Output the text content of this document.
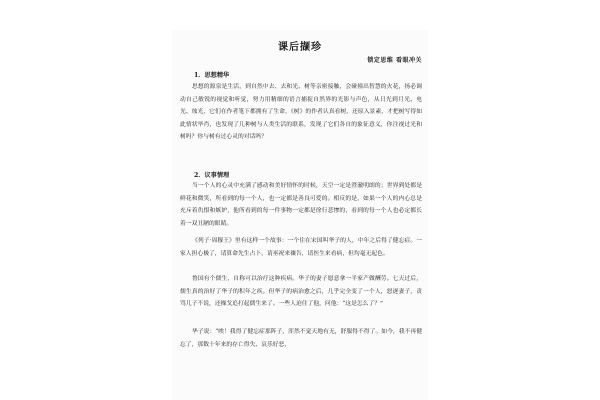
课后撷珍
锁定思维 看眼冲关
1．思想精华

思想的源泉是生活，到自然中去、去和光、树等亲密接触，会碰撞出智慧的火花，扬必调动自己敏锐的视觉和听觉，努力用精细的语言捕捉自然界的光影与声色，从日光到月光、电光、烛光，它们在作者笔下都拥有了生命，《树》的作者认真看树，还原入景素，才把树写得如此情状毕肖，也发现了几种树与人类生活的联系，发现了它们各自的象征意义，你注视过光和树吗？你与树有过心灵的对话吗？

2．议事情理

当一个人的心灵中充满了感动和美好情怀的时候，天空一定是澄澈明朗的；世界到处都是鲜花和微笑，所看到的每一个人，也一定都是善良可爱的。相反的是，如果一个人的内心总是充斥着仇恨和嫉妒，他所看到的每一件事物一定都是徐行悲惨的，看到的每一个人也必定都长着一双丑陋的眼睛。

《列子·周穆王》里有这样一个故事：一个住在宋国叫华子的人，中年之后得了健忘症。一家人担心极了，请算命先生占卜，请巫祝来禳告，请医生来看病，但均毫无起色。

鲁国有个儒生，自称可以治疗这种疾病。华子的妻子愿意拿一半家产做酬劳。七天过后，儒生真的治好了华子的积年之疾。但华子的病治愈之后，几乎完全变了一个人，怒逐妻子，责骂儿子不说，还操戈追打起儒生来了。一些人迫住了他，问他：“这是怎么了？”

华子说：“唉！我得了健忘症那阵子，浑然不觉天地有无，舒服得不得了。如今，我不再健忘了，那数十年来的存亡得失、哀乐好恶，
